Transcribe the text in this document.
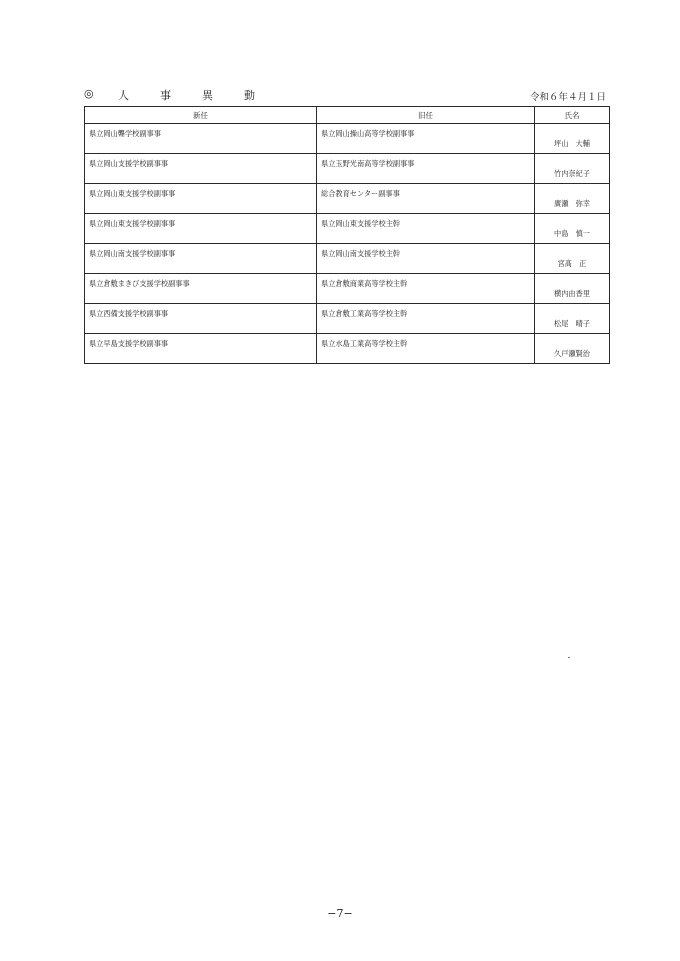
◎ 人事異動	令和６年４月１日
新任	旧任	氏名
県立岡山聾学校副事事	県立岡山操山高等学校副事事	坪山　大輔
県立岡山支援学校副事事	県立玉野光南高等学校副事事	竹内奈紀子
県立岡山東支援学校副事事	総合教育センター副事事	廣瀬　弥幸
県立岡山東支援学校副事事	県立岡山東支援学校主幹	中島　慎一
県立岡山南支援学校副事事	県立岡山南支援学校主幹	宮髙　正
県立倉敷まきび支援学校副事事	県立倉敷商業高等学校主幹	横内由香里
県立西備支援学校副事事	県立倉敷工業高等学校主幹	松尾　晴子
県立早島支援学校副事事	県立水島工業高等学校主幹	久戸瀬賢治
−7−
